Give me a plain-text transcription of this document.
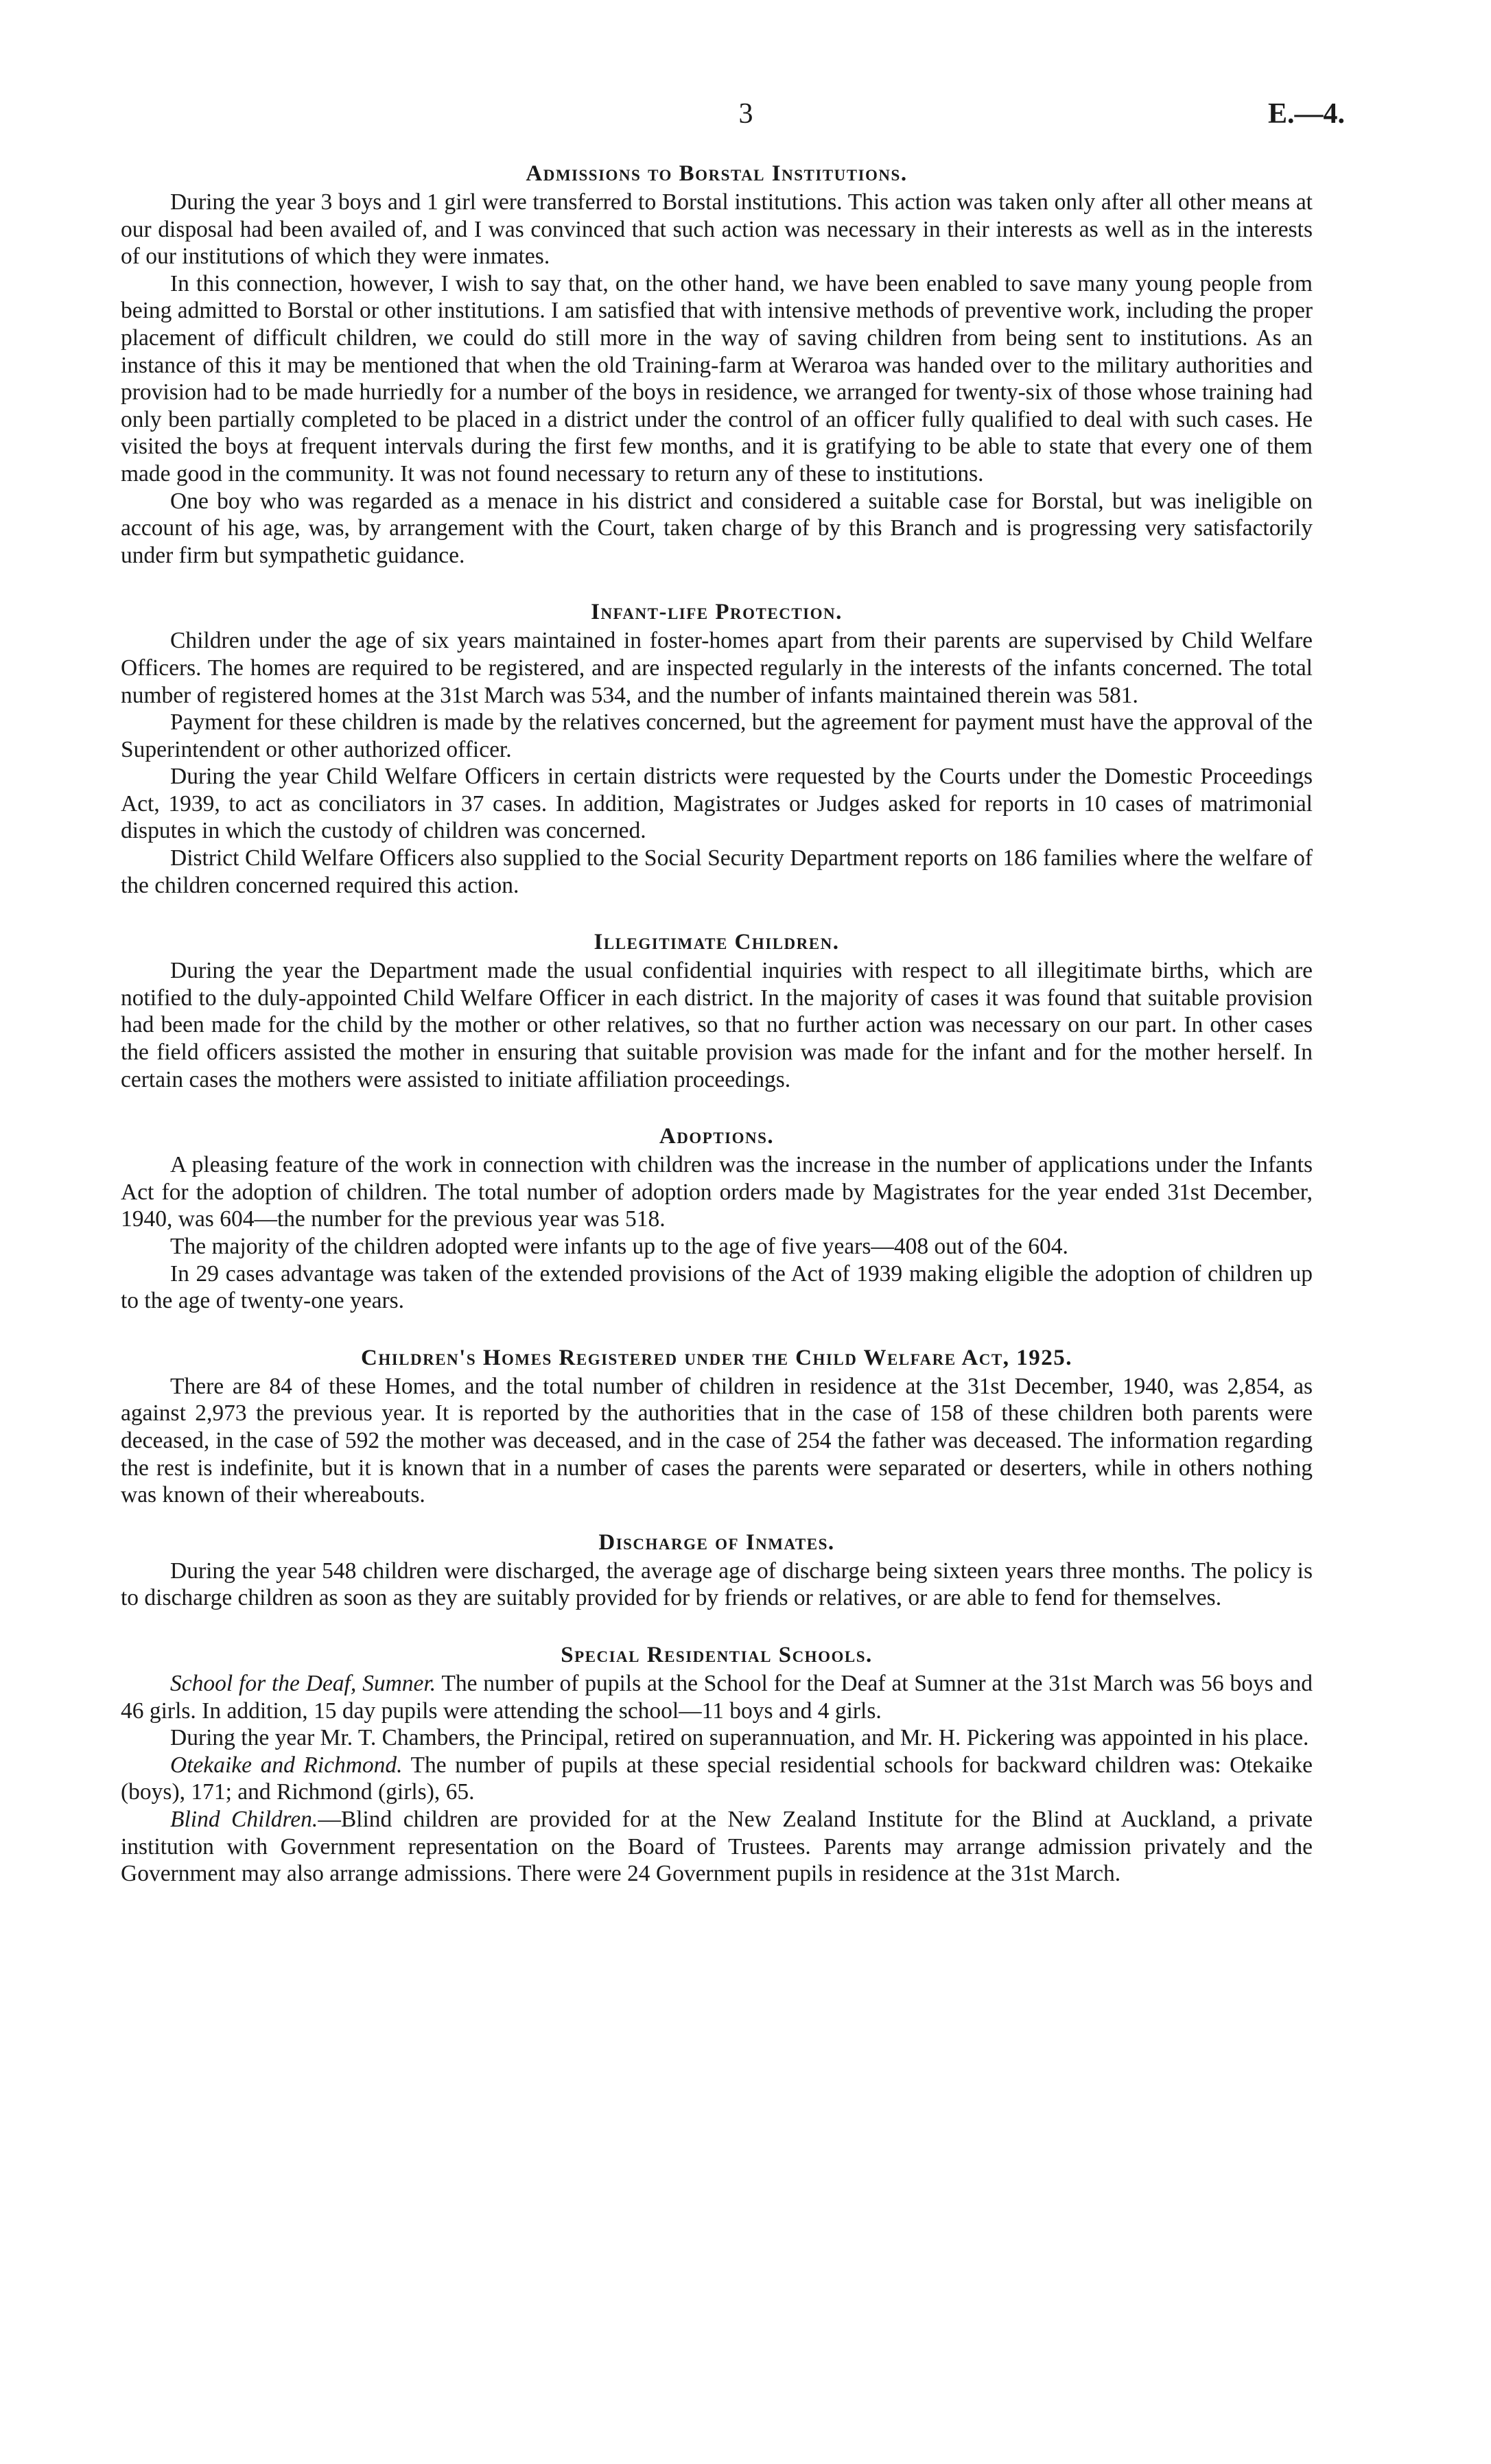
3	E.—4.
Admissions to Borstal Institutions.

During the year 3 boys and 1 girl were transferred to Borstal institutions. This action was taken only after all other means at our disposal had been availed of, and I was convinced that such action was necessary in their interests as well as in the interests of our institutions of which they were inmates.

In this connection, however, I wish to say that, on the other hand, we have been enabled to save many young people from being admitted to Borstal or other institutions. I am satisfied that with intensive methods of preventive work, including the proper placement of difficult children, we could do still more in the way of saving children from being sent to institutions. As an instance of this it may be mentioned that when the old Training-farm at Weraroa was handed over to the military authorities and provision had to be made hurriedly for a number of the boys in residence, we arranged for twenty-six of those whose training had only been partially completed to be placed in a district under the control of an officer fully qualified to deal with such cases. He visited the boys at frequent intervals during the first few months, and it is gratifying to be able to state that every one of them made good in the community. It was not found necessary to return any of these to institutions.

One boy who was regarded as a menace in his district and considered a suitable case for Borstal, but was ineligible on account of his age, was, by arrangement with the Court, taken charge of by this Branch and is progressing very satisfactorily under firm but sympathetic guidance.

Infant-life Protection.

Children under the age of six years maintained in foster-homes apart from their parents are supervised by Child Welfare Officers. The homes are required to be registered, and are inspected regularly in the interests of the infants concerned. The total number of registered homes at the 31st March was 534, and the number of infants maintained therein was 581.

Payment for these children is made by the relatives concerned, but the agreement for payment must have the approval of the Superintendent or other authorized officer.

During the year Child Welfare Officers in certain districts were requested by the Courts under the Domestic Proceedings Act, 1939, to act as conciliators in 37 cases. In addition, Magistrates or Judges asked for reports in 10 cases of matrimonial disputes in which the custody of children was concerned.

District Child Welfare Officers also supplied to the Social Security Department reports on 186 families where the welfare of the children concerned required this action.

Illegitimate Children.

During the year the Department made the usual confidential inquiries with respect to all illegitimate births, which are notified to the duly-appointed Child Welfare Officer in each district. In the majority of cases it was found that suitable provision had been made for the child by the mother or other relatives, so that no further action was necessary on our part. In other cases the field officers assisted the mother in ensuring that suitable provision was made for the infant and for the mother herself. In certain cases the mothers were assisted to initiate affiliation proceedings.

Adoptions.

A pleasing feature of the work in connection with children was the increase in the number of applications under the Infants Act for the adoption of children. The total number of adoption orders made by Magistrates for the year ended 31st December, 1940, was 604—the number for the previous year was 518.

The majority of the children adopted were infants up to the age of five years—408 out of the 604.

In 29 cases advantage was taken of the extended provisions of the Act of 1939 making eligible the adoption of children up to the age of twenty-one years.

Children's Homes Registered under the Child Welfare Act, 1925.

There are 84 of these Homes, and the total number of children in residence at the 31st December, 1940, was 2,854, as against 2,973 the previous year. It is reported by the authorities that in the case of 158 of these children both parents were deceased, in the case of 592 the mother was deceased, and in the case of 254 the father was deceased. The information regarding the rest is indefinite, but it is known that in a number of cases the parents were separated or deserters, while in others nothing was known of their whereabouts.

Discharge of Inmates.

During the year 548 children were discharged, the average age of discharge being sixteen years three months. The policy is to discharge children as soon as they are suitably provided for by friends or relatives, or are able to fend for themselves.

Special Residential Schools.

School for the Deaf, Sumner. The number of pupils at the School for the Deaf at Sumner at the 31st March was 56 boys and 46 girls. In addition, 15 day pupils were attending the school—11 boys and 4 girls.

During the year Mr. T. Chambers, the Principal, retired on superannuation, and Mr. H. Pickering was appointed in his place.

Otekaike and Richmond. The number of pupils at these special residential schools for backward children was: Otekaike (boys), 171; and Richmond (girls), 65.

Blind Children.—Blind children are provided for at the New Zealand Institute for the Blind at Auckland, a private institution with Government representation on the Board of Trustees. Parents may arrange admission privately and the Government may also arrange admissions. There were 24 Government pupils in residence at the 31st March.
